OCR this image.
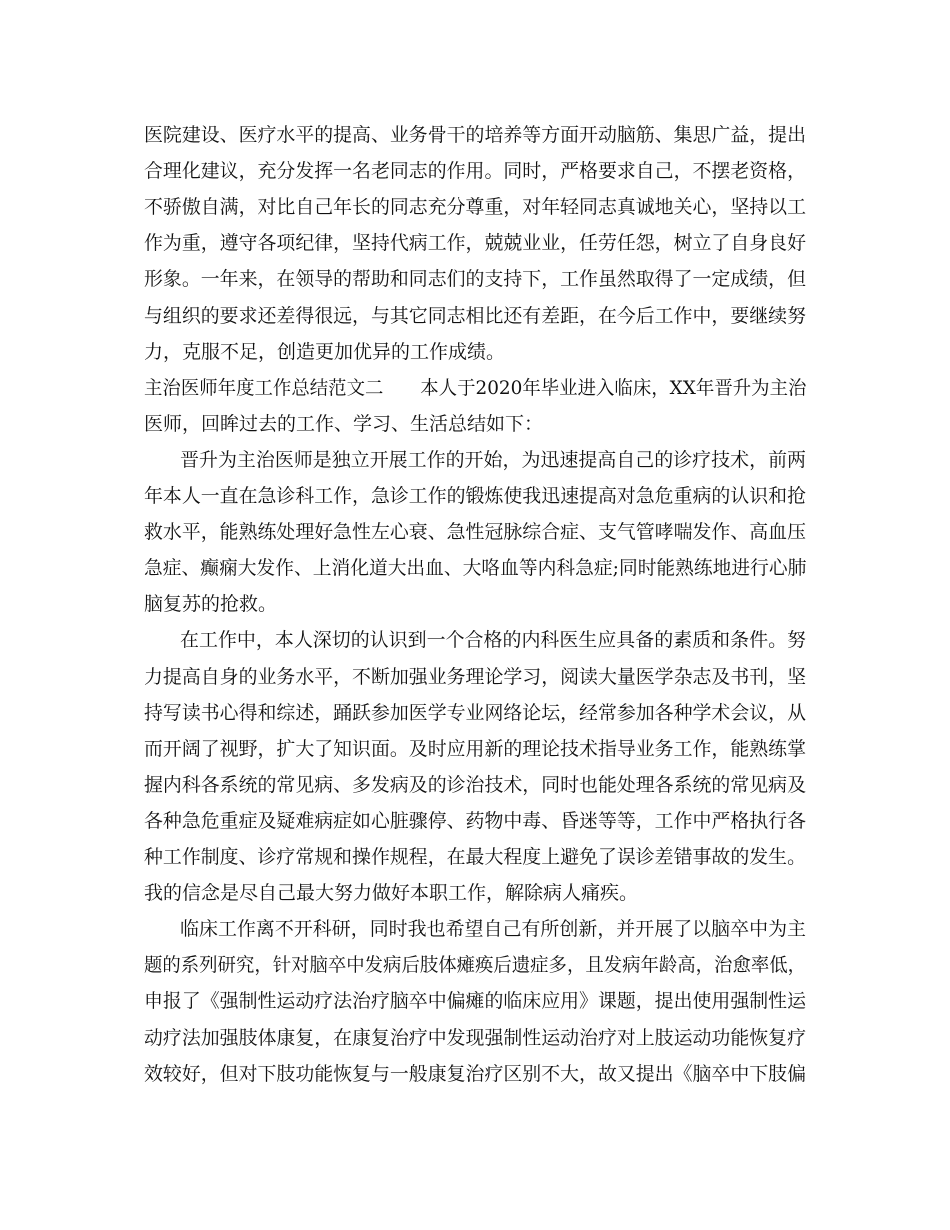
医院建设、医疗水平的提高、业务骨干的培养等方面开动脑筋、集思广益，提出
合理化建议，充分发挥一名老同志的作用。同时，严格要求自己，不摆老资格，
不骄傲自满，对比自己年长的同志充分尊重，对年轻同志真诚地关心，坚持以工
作为重，遵守各项纪律，坚持代病工作，兢兢业业，任劳任怨，树立了自身良好
形象。一年来，在领导的帮助和同志们的支持下，工作虽然取得了一定成绩，但
与组织的要求还差得很远，与其它同志相比还有差距，在今后工作中，要继续努
力，克服不足，创造更加优异的工作成绩。
主治医师年度工作总结范文二　　本人于2020年毕业进入临床，XX年晋升为主治
医师，回眸过去的工作、学习、生活总结如下：
晋升为主治医师是独立开展工作的开始，为迅速提高自己的诊疗技术，前两
年本人一直在急诊科工作，急诊工作的锻炼使我迅速提高对急危重病的认识和抢
救水平，能熟练处理好急性左心衰、急性冠脉综合症、支气管哮喘发作、高血压
急症、癫痫大发作、上消化道大出血、大咯血等内科急症;同时能熟练地进行心肺
脑复苏的抢救。
在工作中，本人深切的认识到一个合格的内科医生应具备的素质和条件。努
力提高自身的业务水平，不断加强业务理论学习，阅读大量医学杂志及书刊，坚
持写读书心得和综述，踊跃参加医学专业网络论坛，经常参加各种学术会议，从
而开阔了视野，扩大了知识面。及时应用新的理论技术指导业务工作，能熟练掌
握内科各系统的常见病、多发病及的诊治技术，同时也能处理各系统的常见病及
各种急危重症及疑难病症如心脏骤停、药物中毒、昏迷等等，工作中严格执行各
种工作制度、诊疗常规和操作规程，在最大程度上避免了误诊差错事故的发生。
我的信念是尽自己最大努力做好本职工作，解除病人痛疾。
临床工作离不开科研，同时我也希望自己有所创新，并开展了以脑卒中为主
题的系列研究，针对脑卒中发病后肢体瘫痪后遗症多，且发病年龄高，治愈率低，
申报了《强制性运动疗法治疗脑卒中偏瘫的临床应用》课题，提出使用强制性运
动疗法加强肢体康复，在康复治疗中发现强制性运动治疗对上肢运动功能恢复疗
效较好，但对下肢功能恢复与一般康复治疗区别不大，故又提出《脑卒中下肢偏
